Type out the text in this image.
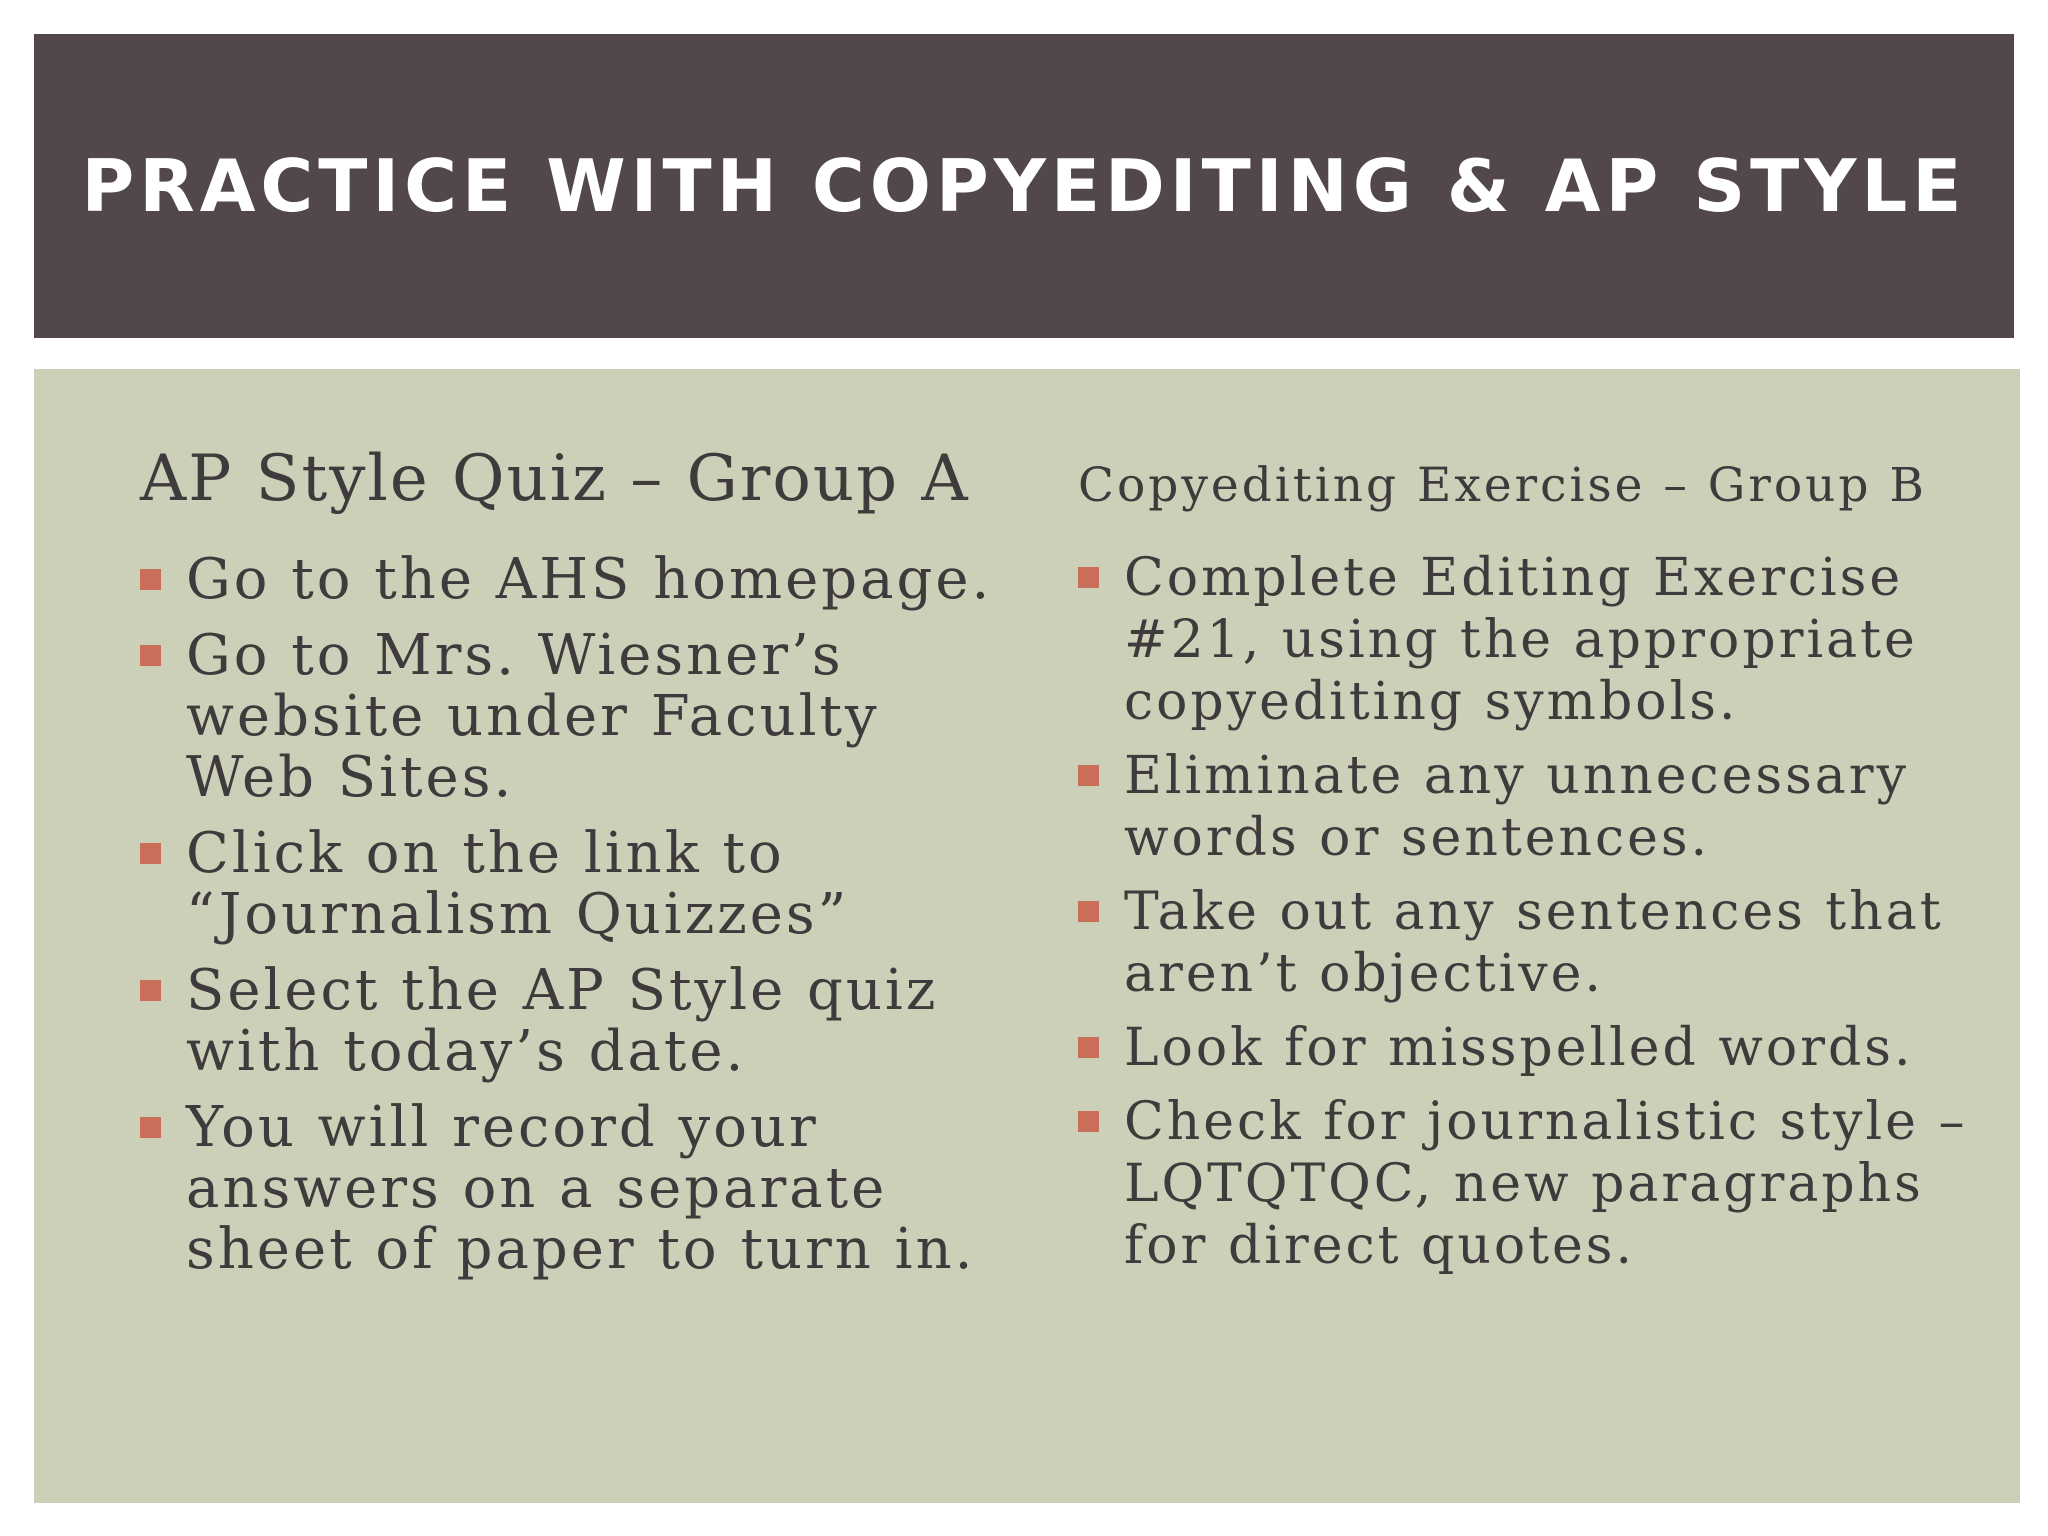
PRACTICE WITH COPYEDITING & AP STYLE
AP Style Quiz – Group A
Go to the AHS homepage.
Go to Mrs. Wiesner’s website under Faculty Web Sites.
Click on the link to “Journalism Quizzes”
Select the AP Style quiz with today’s date.
You will record your answers on a separate sheet of paper to turn in.
Copyediting Exercise – Group B
Complete Editing Exercise #21, using the appropriate copyediting symbols.
Eliminate any unnecessary words or sentences.
Take out any sentences that aren’t objective.
Look for misspelled words.
Check for journalistic style – LQTQTQC, new paragraphs for direct quotes.
